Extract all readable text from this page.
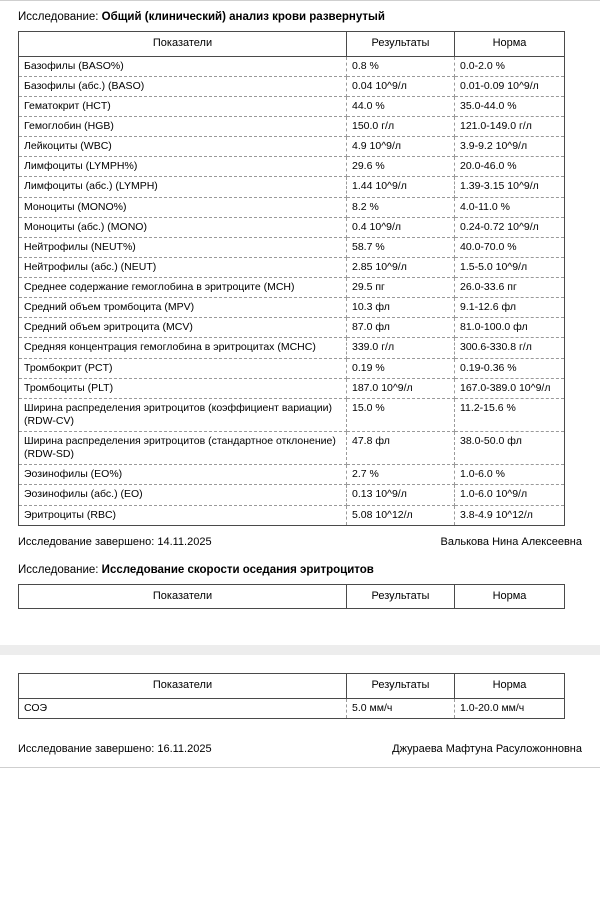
Исследование: Общий (клинический) анализ крови развернутый
Показатели	Результаты	Норма
Базофилы (BASO%)	0.8 %	0.0-2.0 %
Базофилы (абс.) (BASO)	0.04 10^9/л	0.01-0.09 10^9/л
Гематокрит (HCT)	44.0 %	35.0-44.0 %
Гемоглобин (HGB)	150.0 г/л	121.0-149.0 г/л
Лейкоциты (WBC)	4.9 10^9/л	3.9-9.2 10^9/л
Лимфоциты (LYMPH%)	29.6 %	20.0-46.0 %
Лимфоциты (абс.) (LYMPH)	1.44 10^9/л	1.39-3.15 10^9/л
Моноциты (MONO%)	8.2 %	4.0-11.0 %
Моноциты (абс.) (MONO)	0.4 10^9/л	0.24-0.72 10^9/л
Нейтрофилы (NEUT%)	58.7 %	40.0-70.0 %
Нейтрофилы (абс.) (NEUT)	2.85 10^9/л	1.5-5.0 10^9/л
Среднее содержание гемоглобина в эритроците (MCH)	29.5 пг	26.0-33.6 пг
Средний объем тромбоцита (MPV)	10.3 фл	9.1-12.6 фл
Средний объем эритроцита (MCV)	87.0 фл	81.0-100.0 фл
Средняя концентрация гемоглобина в эритроцитах (MCHC)	339.0 г/л	300.6-330.8 г/л
Тромбокрит (PCT)	0.19 %	0.19-0.36 %
Тромбоциты (PLT)	187.0 10^9/л	167.0-389.0 10^9/л
Ширина распределения эритроцитов (коэффициент вариации) (RDW-CV)	15.0 %	11.2-15.6 %
Ширина распределения эритроцитов (стандартное отклонение) (RDW-SD)	47.8 фл	38.0-50.0 фл
Эозинофилы (EO%)	2.7 %	1.0-6.0 %
Эозинофилы (абс.) (EO)	0.13 10^9/л	1.0-6.0 10^9/л
Эритроциты (RBC)	5.08 10^12/л	3.8-4.9 10^12/л
Исследование завершено: 14.11.2025	Валькова Нина Алексеевна
Исследование: Исследование скорости оседания эритроцитов
Показатели	Результаты	Норма
Показатели	Результаты	Норма
СОЭ	5.0 мм/ч	1.0-20.0 мм/ч
Исследование завершено: 16.11.2025	Джураева Мафтуна Расуложонновна
